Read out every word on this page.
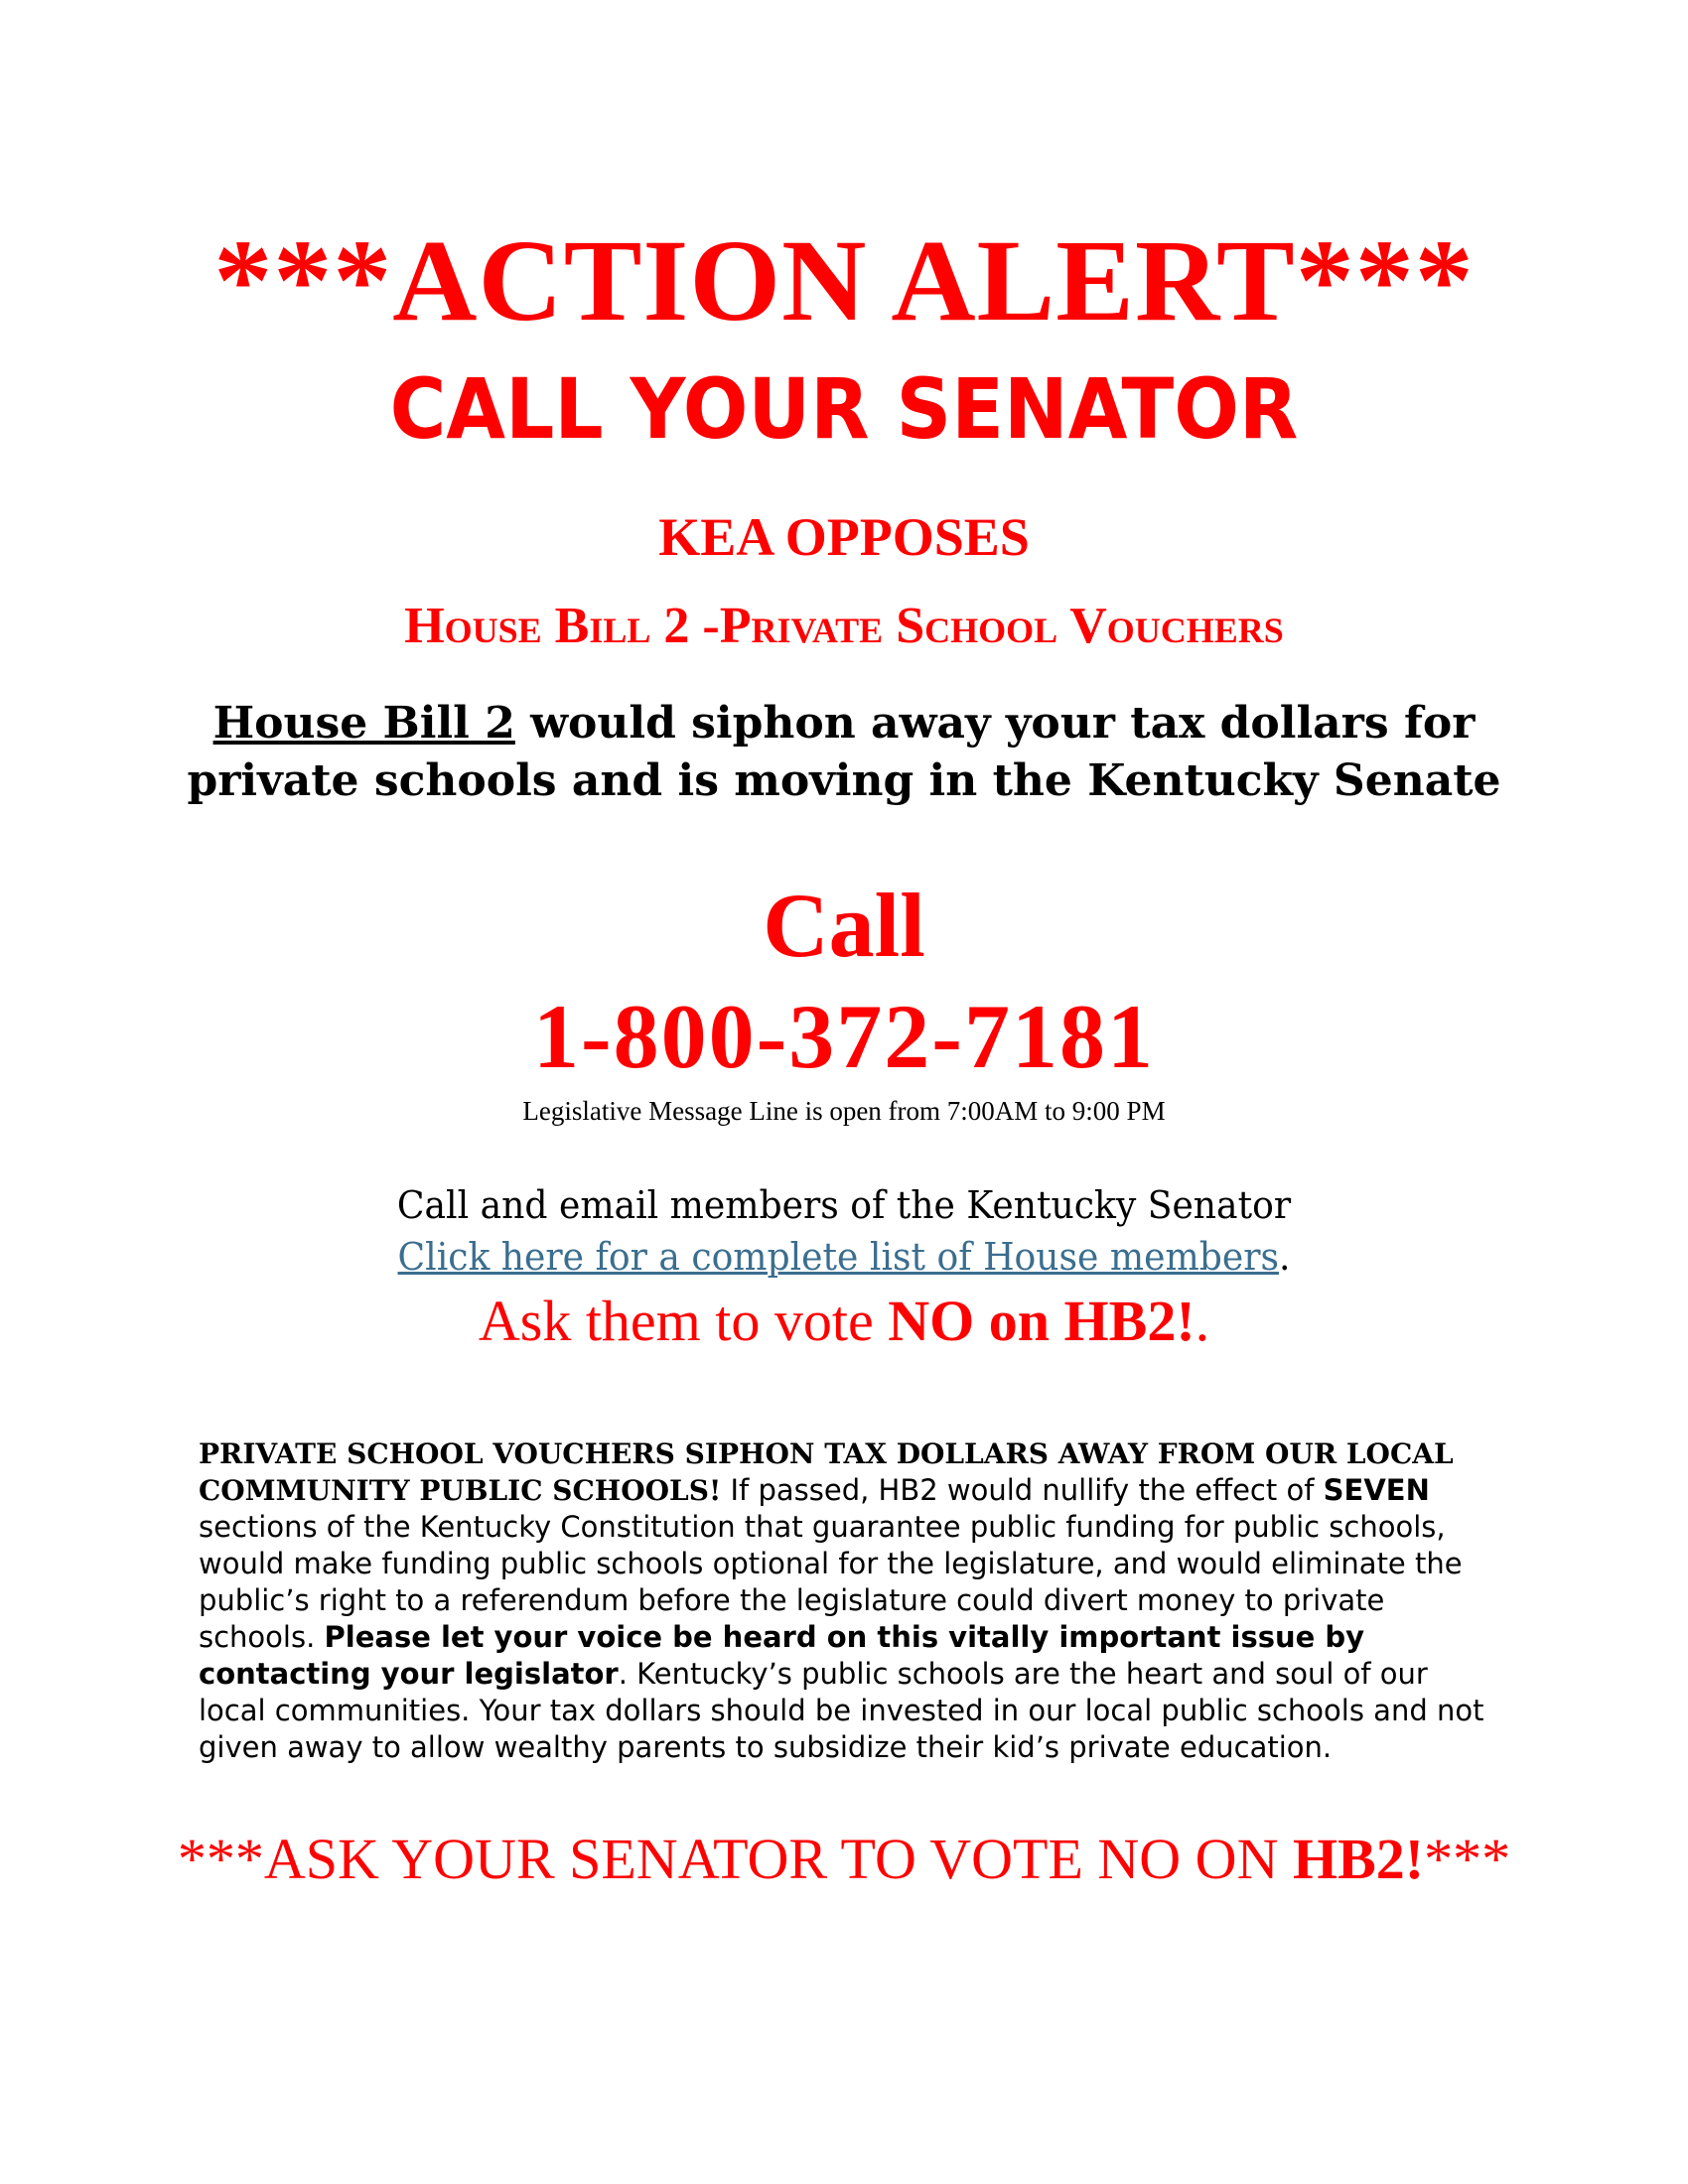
***ACTION ALERT***
CALL YOUR SENATOR
KEA OPPOSES
House Bill 2 -Private School Vouchers
House Bill 2 would siphon away your tax dollars for
private schools and is moving in the Kentucky Senate
Call
1-800-372-7181
Legislative Message Line is open from 7:00AM to 9:00 PM
Call and email members of the Kentucky Senator
Click here for a complete list of House members.
Ask them to vote NO on HB2!.
PRIVATE SCHOOL VOUCHERS SIPHON TAX DOLLARS AWAY FROM OUR LOCAL COMMUNITY PUBLIC SCHOOLS! If passed, HB2 would nullify the effect of SEVEN sections of the Kentucky Constitution that guarantee public funding for public schools, would make funding public schools optional for the legislature, and would eliminate the public’s right to a referendum before the legislature could divert money to private schools. Please let your voice be heard on this vitally important issue by contacting your legislator. Kentucky’s public schools are the heart and soul of our local communities. Your tax dollars should be invested in our local public schools and not given away to allow wealthy parents to subsidize their kid’s private education.
***ASK YOUR SENATOR TO VOTE NO ON HB2!***
